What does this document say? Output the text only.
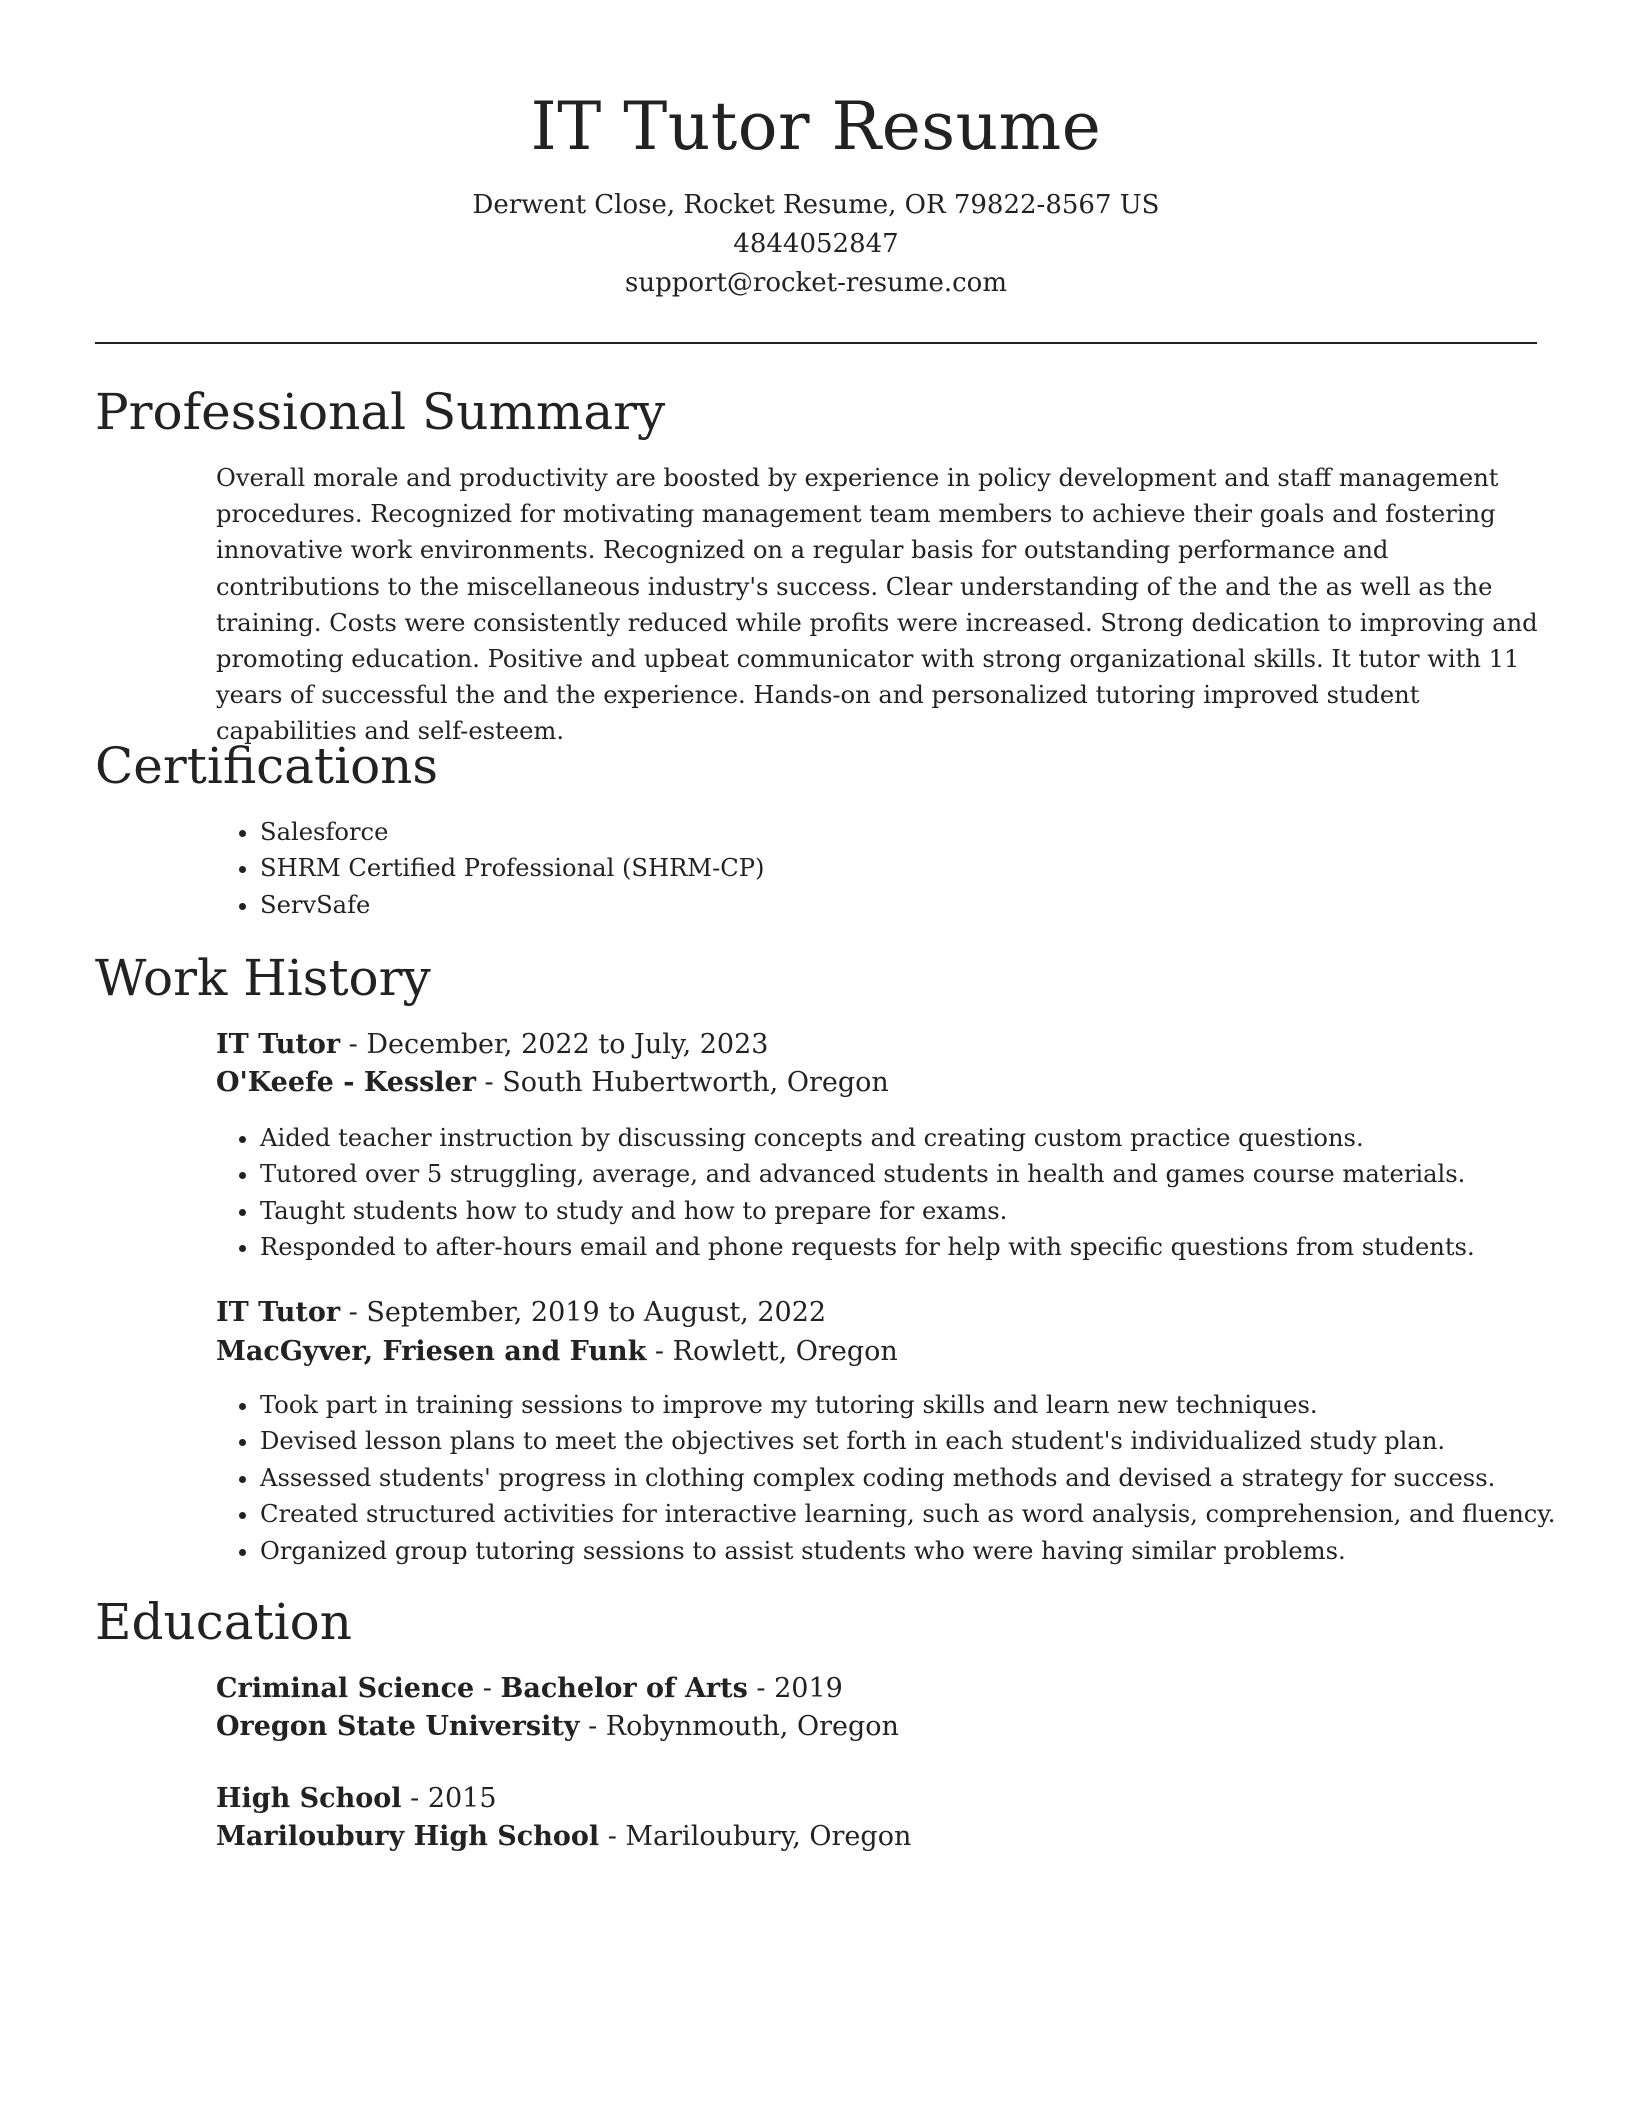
IT Tutor Resume
Derwent Close, Rocket Resume, OR 79822-8567 US
4844052847
support@rocket-resume.com
Professional Summary

Overall morale and productivity are boosted by experience in policy development and staff management procedures. Recognized for motivating management team members to achieve their goals and fostering innovative work environments. Recognized on a regular basis for outstanding performance and contributions to the miscellaneous industry's success. Clear understanding of the and the as well as the training. Costs were consistently reduced while profits were increased. Strong dedication to improving and promoting education. Positive and upbeat communicator with strong organizational skills. It tutor with 11 years of successful the and the experience. Hands-on and personalized tutoring improved student capabilities and self-esteem.

Certifications
• Salesforce
• SHRM Certified Professional (SHRM-CP)
• ServSafe
Work History
IT Tutor - December, 2022 to July, 2023
O'Keefe - Kessler - South Hubertworth, Oregon
• Aided teacher instruction by discussing concepts and creating custom practice questions.
• Tutored over 5 struggling, average, and advanced students in health and games course materials.
• Taught students how to study and how to prepare for exams.
• Responded to after-hours email and phone requests for help with specific questions from students.
IT Tutor - September, 2019 to August, 2022
MacGyver, Friesen and Funk - Rowlett, Oregon
• Took part in training sessions to improve my tutoring skills and learn new techniques.
• Devised lesson plans to meet the objectives set forth in each student's individualized study plan.
• Assessed students' progress in clothing complex coding methods and devised a strategy for success.
• Created structured activities for interactive learning, such as word analysis, comprehension, and fluency.
• Organized group tutoring sessions to assist students who were having similar problems.
Education
Criminal Science - Bachelor of Arts - 2019
Oregon State University - Robynmouth, Oregon
High School - 2015
Mariloubury High School - Mariloubury, Oregon
